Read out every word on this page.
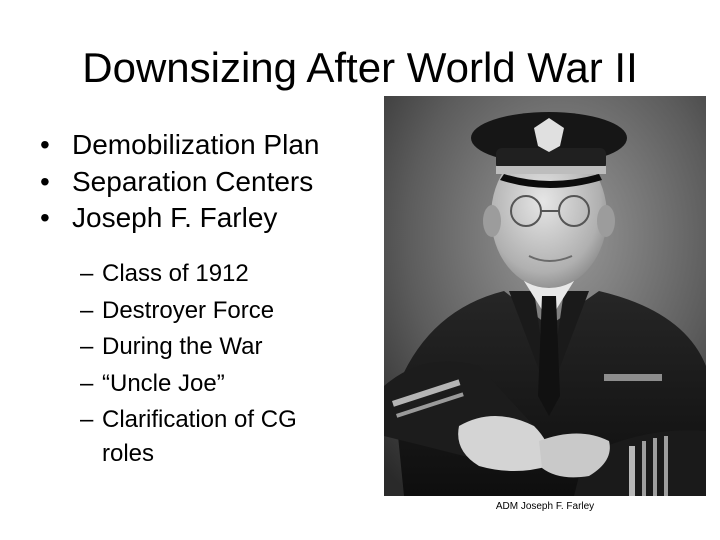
Downsizing After World War II
• Demobilization Plan
• Separation Centers
• Joseph F. Farley
– Class of 1912
– Destroyer Force
– During the War
– “Uncle Joe”
– Clarification of CG
roles
ADM Joseph F. Farley
